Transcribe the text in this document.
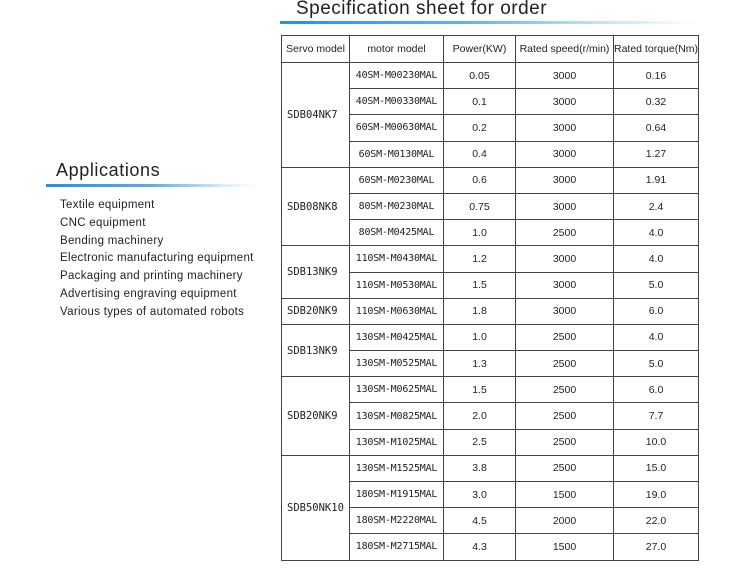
Specification sheet for order
Applications
Textile equipment
CNC equipment
Bending machinery
Electronic manufacturing equipment
Packaging and printing machinery
Advertising engraving equipment
Various types of automated robots
Servo model	motor model	Power(KW)	Rated speed(r/min)	Rated torque(Nm)
SDB04NK7	40SM-M00230MAL	0.05	3000	0.16
	40SM-M00330MAL	0.1	3000	0.32
	60SM-M00630MAL	0.2	3000	0.64
	60SM-M0130MAL	0.4	3000	1.27
SDB08NK8	60SM-M0230MAL	0.6	3000	1.91
	80SM-M0230MAL	0.75	3000	2.4
	80SM-M0425MAL	1.0	2500	4.0
SDB13NK9	110SM-M0430MAL	1.2	3000	4.0
	110SM-M0530MAL	1.5	3000	5.0
SDB20NK9	110SM-M0630MAL	1.8	3000	6.0
SDB13NK9	130SM-M0425MAL	1.0	2500	4.0
	130SM-M0525MAL	1.3	2500	5.0
SDB20NK9	130SM-M0625MAL	1.5	2500	6.0
	130SM-M0825MAL	2.0	2500	7.7
	130SM-M1025MAL	2.5	2500	10.0
SDB50NK10	130SM-M1525MAL	3.8	2500	15.0
	180SM-M1915MAL	3.0	1500	19.0
	180SM-M2220MAL	4.5	2000	22.0
	180SM-M2715MAL	4.3	1500	27.0
